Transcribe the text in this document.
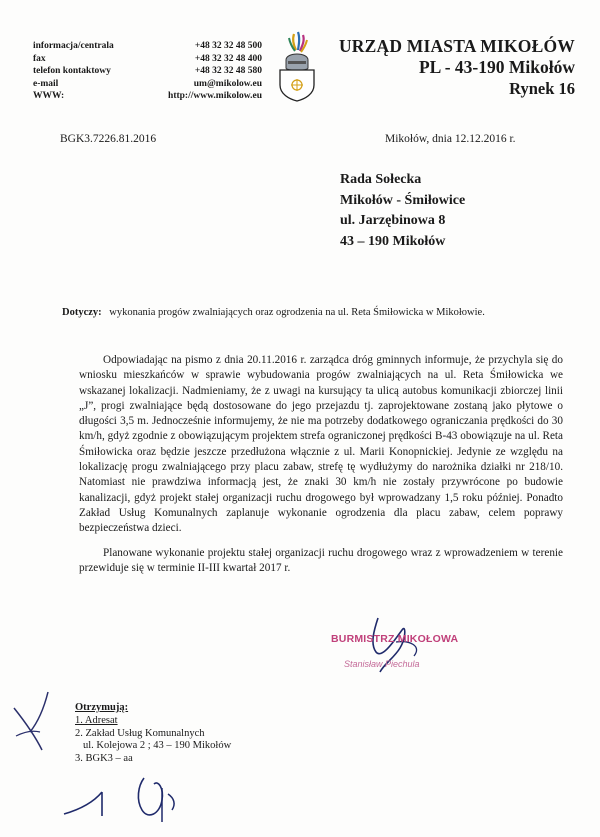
informacja/centrala
fax
telefon kontaktowy
e-mail
WWW:
+48 32 32 48 500
+48 32 32 48 400
+48 32 32 48 580
um@mikolow.eu
http://www.mikolow.eu
URZĄD MIASTA MIKOŁÓW
PL - 43-190 Mikołów
Rynek 16
BGK3.7226.81.2016	Mikołów, dnia 12.12.2016 r.
Rada Sołecka
Mikołów - Śmiłowice
ul. Jarzębinowa 8
43 – 190 Mikołów
Dotyczy: wykonania progów zwalniających oraz ogrodzenia na ul. Reta Śmiłowicka w Mikołowie.

Odpowiadając na pismo z dnia 20.11.2016 r. zarządca dróg gminnych informuje, że przychyla się do wniosku mieszkańców w sprawie wybudowania progów zwalniających na ul. Reta Śmiłowicka we wskazanej lokalizacji. Nadmieniamy, że z uwagi na kursujący ta ulicą autobus komunikacji zbiorczej linii „J”, progi zwalniające będą dostosowane do jego przejazdu tj. zaprojektowane zostaną jako płytowe o długości 3,5 m. Jednocześnie informujemy, że nie ma potrzeby dodatkowego ograniczania prędkości do 30 km/h, gdyż zgodnie z obowiązującym projektem strefa ograniczonej prędkości B-43 obowiązuje na ul. Reta Śmiłowicka oraz będzie jeszcze przedłużona włącznie z ul. Marii Konopnickiej. Jedynie ze względu na lokalizację progu zwalniającego przy placu zabaw, strefę tę wydłużymy do narożnika działki nr 218/10. Natomiast nie prawdziwa informacją jest, że znaki 30 km/h nie zostały przywrócone po budowie kanalizacji, gdyż projekt stałej organizacji ruchu drogowego był wprowadzany 1,5 roku później. Ponadto Zakład Usług Komunalnych zaplanuje wykonanie ogrodzenia dla placu zabaw, celem poprawy bezpieczeństwa dzieci.

Planowane wykonanie projektu stałej organizacji ruchu drogowego wraz z wprowadzeniem w terenie przewiduje się w terminie II-III kwartał 2017 r.

BURMISTRZ MIKOŁOWA
Stanisław Piechula
Otrzymują:
1. Adresat
2. Zakład Usług Komunalnych
ul. Kolejowa 2 ; 43 – 190 Mikołów
3. BGK3 – aa
